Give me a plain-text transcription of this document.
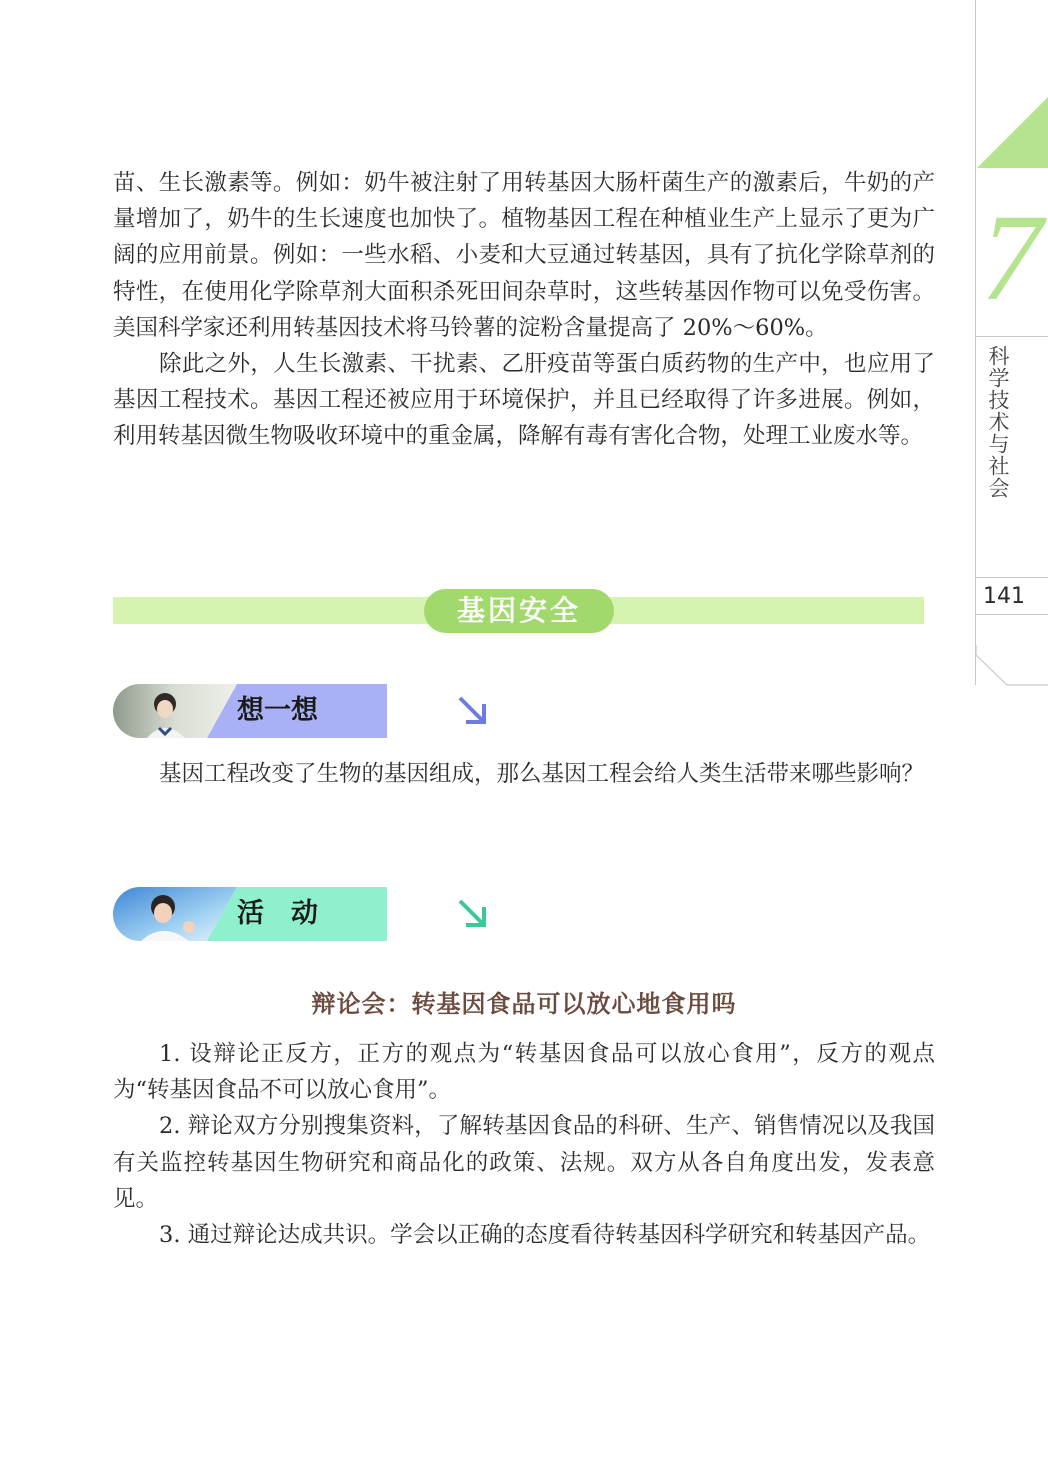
7
科学技术与社会
141

苗、生长激素等。例如：奶牛被注射了用转基因大肠杆菌生产的激素后，牛奶的产量增加了，奶牛的生长速度也加快了。植物基因工程在种植业生产上显示了更为广阔的应用前景。例如：一些水稻、小麦和大豆通过转基因，具有了抗化学除草剂的特性，在使用化学除草剂大面积杀死田间杂草时，这些转基因作物可以免受伤害。美国科学家还利用转基因技术将马铃薯的淀粉含量提高了 20%～60%。

除此之外，人生长激素、干扰素、乙肝疫苗等蛋白质药物的生产中，也应用了基因工程技术。基因工程还被应用于环境保护，并且已经取得了许多进展。例如，利用转基因微生物吸收环境中的重金属，降解有毒有害化合物，处理工业废水等。

基因安全
想一想

基因工程改变了生物的基因组成，那么基因工程会给人类生活带来哪些影响？

活　动
辩论会：转基因食品可以放心地食用吗

1. 设辩论正反方，正方的观点为“转基因食品可以放心食用”，反方的观点为“转基因食品不可以放心食用”。

2. 辩论双方分别搜集资料，了解转基因食品的科研、生产、销售情况以及我国有关监控转基因生物研究和商品化的政策、法规。双方从各自角度出发，发表意见。

3. 通过辩论达成共识。学会以正确的态度看待转基因科学研究和转基因产品。
